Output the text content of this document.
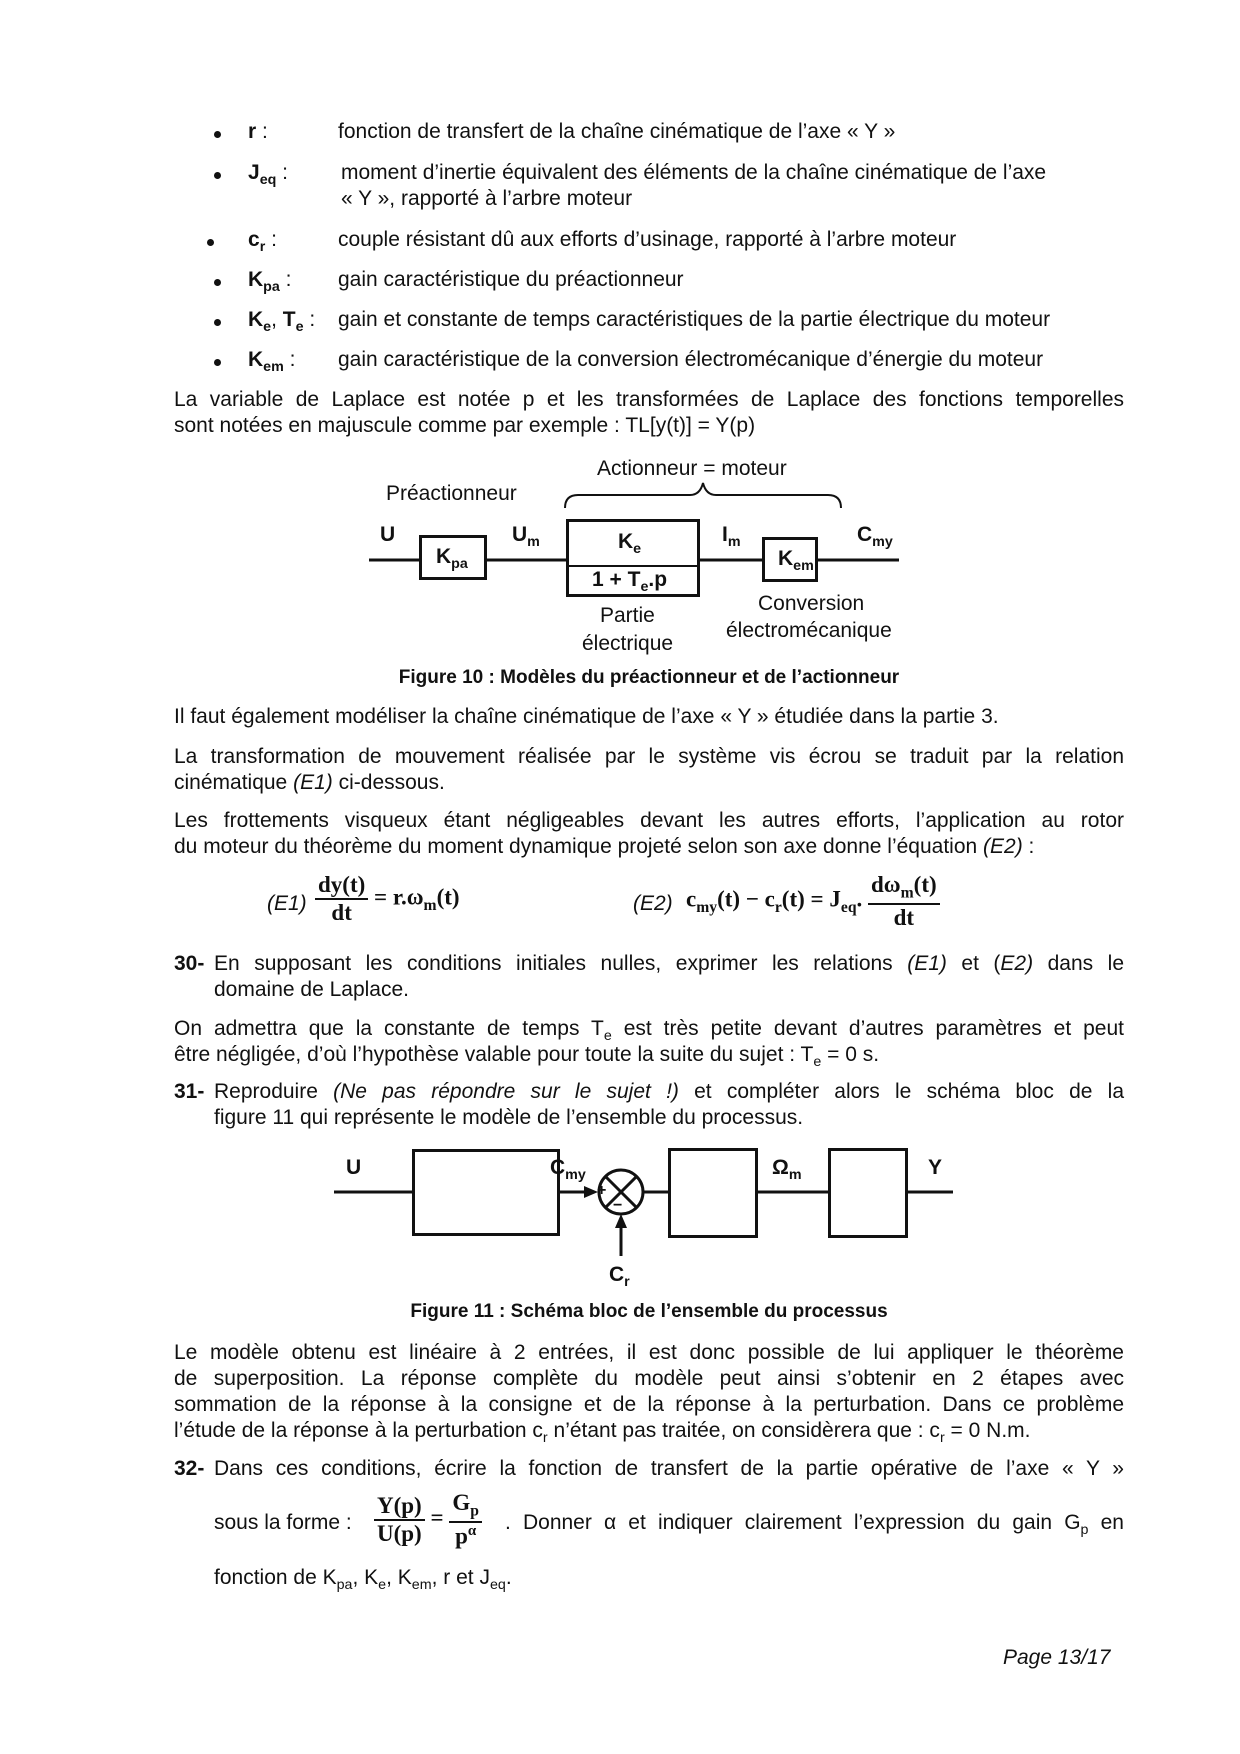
r :	fonction de transfert de la chaîne cinématique de l’axe « Y »
$J_{eq}$ :	moment d’inertie équivalent des éléments de la chaîne cinématique de l’axe
« Y », rapporté à l’arbre moteur
$c_r$ :	couple résistant dû aux efforts d’usinage, rapporté à l’arbre moteur
$K_{pa}$ : gain caractéristique du préactionneur
$K_e$, $T_e$ : gain et constante de temps caractéristiques de la partie électrique du moteur
$K_{em}$ : gain caractéristique de la conversion électromécanique d’énergie du moteur
La variable de Laplace est notée p et les transformées de Laplace des fonctions temporelles
sont notées en majuscule comme par exemple : TL[y(t)] = Y(p)
Actionneur = moteur
Préactionneur
U	$U_m$	$I_m$	$C_{my}$
$K_{pa}$
$K_e$
$1 + T_e.p$
$K_{em}$
Partie
électrique
Conversion
électromécanique
Figure 10 : Modèles du préactionneur et de l’actionneur
Il faut également modéliser la chaîne cinématique de l’axe « Y » étudiée dans la partie 3.
La transformation de mouvement réalisée par le système vis écrou se traduit par la relation
cinématique (E1) ci-dessous.
Les frottements visqueux étant négligeables devant les autres efforts, l’application au rotor
du moteur du théorème du moment dynamique projeté selon son axe donne l’équation (E2) :
$(E1) \frac{dy(t)}{dt} = r.\omega_m(t)$	(E2) $c_{my}(t) - c_r(t) = J_{eq}$. $\frac{d\omega_m(t)}{dt}$
30- En supposant les conditions initiales nulles, exprimer les relations (E1) et (E2) dans le
domaine de Laplace.
On admettra que la constante de temps $T_e$ est très petite devant d’autres paramètres et peut
être négligée, d’où l’hypothèse valable pour toute la suite du sujet : $T_e = 0$ s.
31- Reproduire (Ne pas répondre sur le sujet !) et compléter alors le schéma bloc de la
figure 11 qui représente le modèle de l’ensemble du processus.
U	$C_{my}$	$\Omega_m$	Y
$C_r$
+
−
Figure 11 : Schéma bloc de l’ensemble du processus
Le modèle obtenu est linéaire à 2 entrées, il est donc possible de lui appliquer le théorème
de superposition. La réponse complète du modèle peut ainsi s’obtenir en 2 étapes avec
sommation de la réponse à la consigne et de la réponse à la perturbation. Dans ce problème
l’étude de la réponse à la perturbation $c_r$ n’étant pas traitée, on considèrera que : $c_r = 0$ N.m.
32- Dans ces conditions, écrire la fonction de transfert de la partie opérative de l’axe « Y »
sous la forme : $\frac{Y(p)}{U(p)} = \frac{G_p}{p^\alpha}$ . Donner α et indiquer clairement l’expression du gain $G_p$ en
fonction de $K_{pa}$, $K_e$, $K_{em}$, r et $J_{eq}$.
Page 13/17
